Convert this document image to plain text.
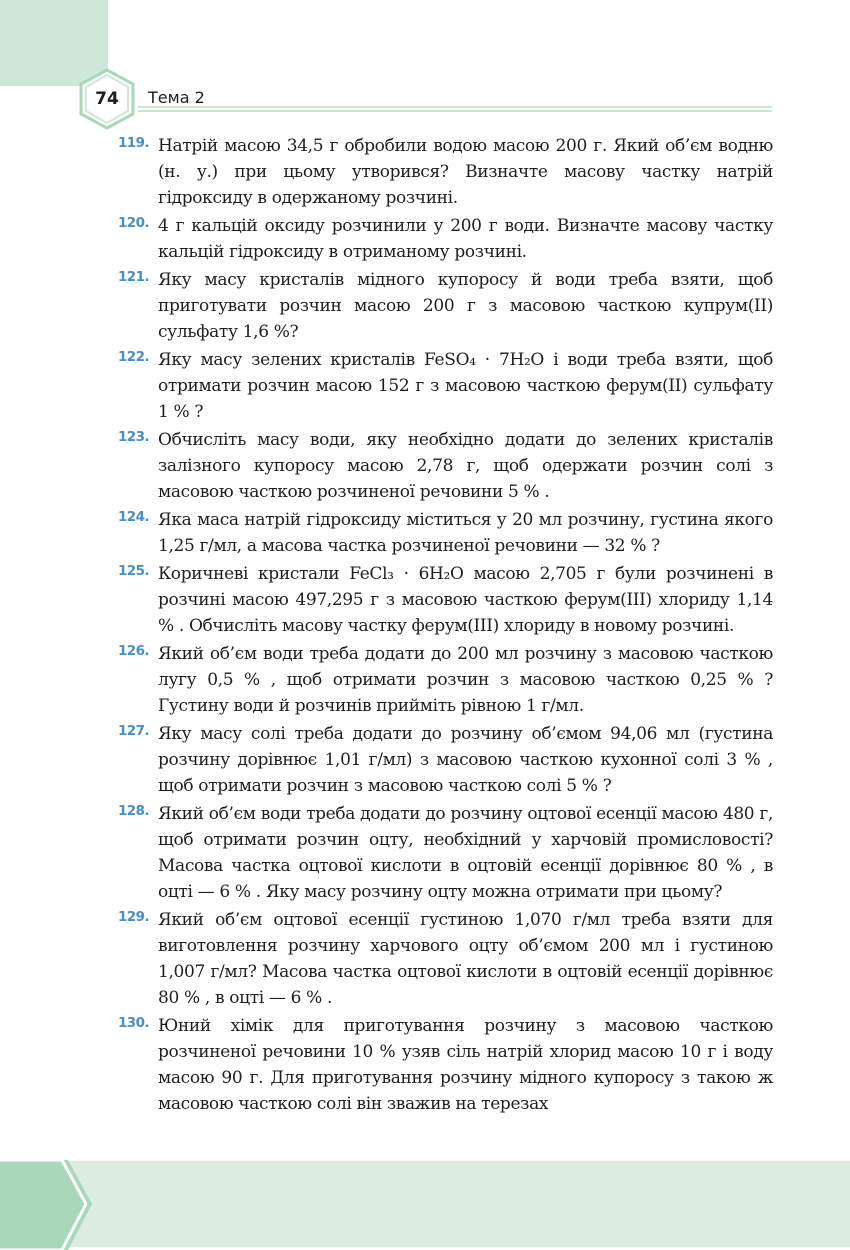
74	Тема 2
119. Натрій масою 34,5 г обробили водою масою 200 г. Який об’єм водню (н. у.) при цьому утворився? Визначте масову частку натрій гідроксиду в одержаному розчині.
120. 4 г кальцій оксиду розчинили у 200 г води. Визначте масову частку кальцій гідроксиду в отриманому розчині.
121. Яку масу кристалів мідного купоросу й води треба взяти, щоб приготувати розчин масою 200 г з масовою часткою купрум(ІІ) сульфату 1,6 %?
122. Яку масу зелених кристалів FeSO₄ · 7H₂O і води треба взяти, щоб отримати розчин масою 152 г з масовою часткою ферум(ІІ) сульфату 1 % ?
123. Обчисліть масу води, яку необхідно додати до зелених кристалів залізного купоросу масою 2,78 г, щоб одержати розчин солі з масовою часткою розчиненої речовини 5 % .
124. Яка маса натрій гідроксиду міститься у 20 мл розчину, густина якого 1,25 г/мл, а масова частка розчиненої речовини — 32 % ?
125. Коричневі кристали FeCl₃ · 6H₂O масою 2,705 г були розчинені в розчині масою 497,295 г з масовою часткою ферум(ІІІ) хлориду 1,14 % . Обчисліть масову частку ферум(ІІІ) хлориду в новому розчині.
126. Який об’єм води треба додати до 200 мл розчину з масовою часткою лугу 0,5 % , щоб отримати розчин з масовою часткою 0,25 % ? Густину води й розчинів прийміть рівною 1 г/мл.
127. Яку масу солі треба додати до розчину об’ємом 94,06 мл (густина розчину дорівнює 1,01 г/мл) з масовою часткою кухонної солі 3 % , щоб отримати розчин з масовою часткою солі 5 % ?
128. Який об’єм води треба додати до розчину оцтової есенції масою 480 г, щоб отримати розчин оцту, необхідний у харчовій промисловості? Масова частка оцтової кислоти в оцтовій есенції дорівнює 80 % , в оцті — 6 % . Яку масу розчину оцту можна отримати при цьому?
129. Який об’єм оцтової есенції густиною 1,070 г/мл треба взяти для виготовлення розчину харчового оцту об’ємом 200 мл і густиною 1,007 г/мл? Масова частка оцтової кислоти в оцтовій есенції дорівнює 80 % , в оцті — 6 % .
130. Юний хімік для приготування розчину з масовою часткою розчиненої речовини 10 % узяв сіль натрій хлорид масою 10 г і воду масою 90 г. Для приготування розчину мідного купоросу з такою ж масовою часткою солі він зважив на терезах
